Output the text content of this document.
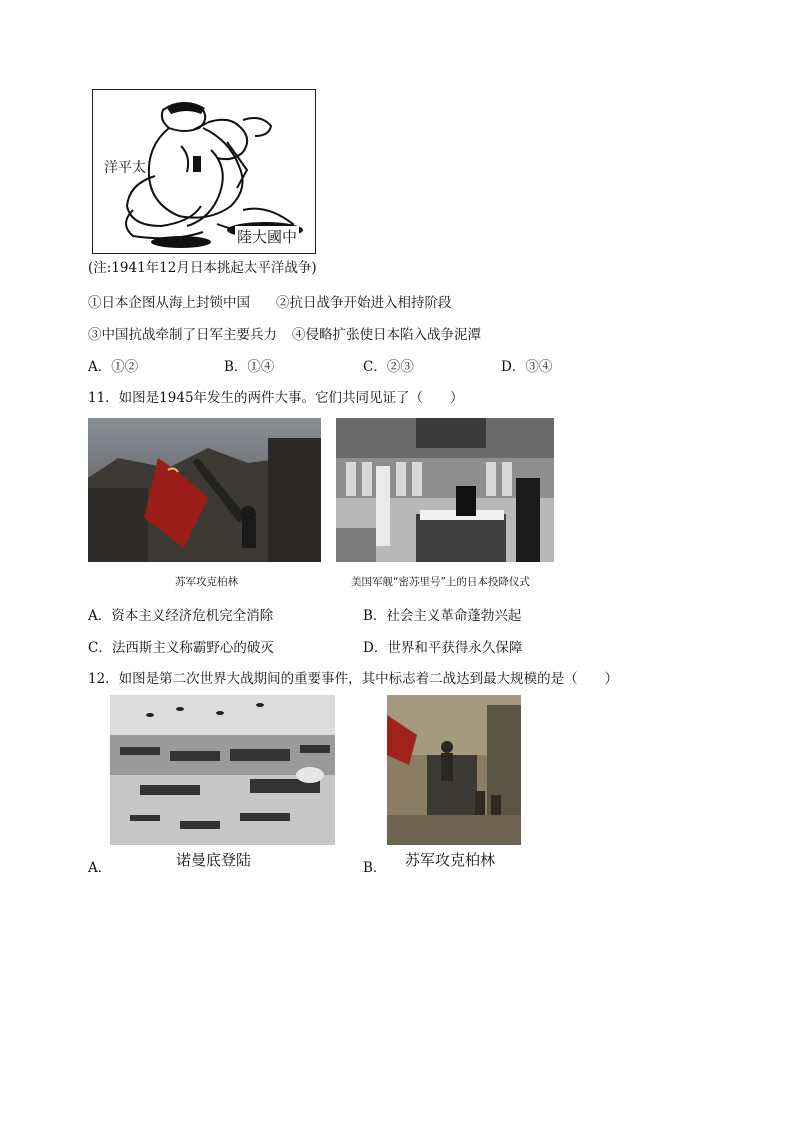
洋平太
陸大國中
(注:1941年12月日本挑起太平洋战争)
①日本企图从海上封锁中国 ②抗日战争开始进入相持阶段
③中国抗战牵制了日军主要兵力 ④侵略扩张使日本陷入战争泥潭
A．①②	B．①④	C．②③	D．③④
11．如图是1945年发生的两件大事。它们共同见证了（　　）
苏军攻克柏林	美国军舰“密苏里号”上的日本投降仪式
A．资本主义经济危机完全消除	B．社会主义革命蓬勃兴起
C．法西斯主义称霸野心的破灭	D．世界和平获得永久保障
12．如图是第二次世界大战期间的重要事件，其中标志着二战达到最大规模的是（　　）
A．	诺曼底登陆	B． 苏军攻克柏林
